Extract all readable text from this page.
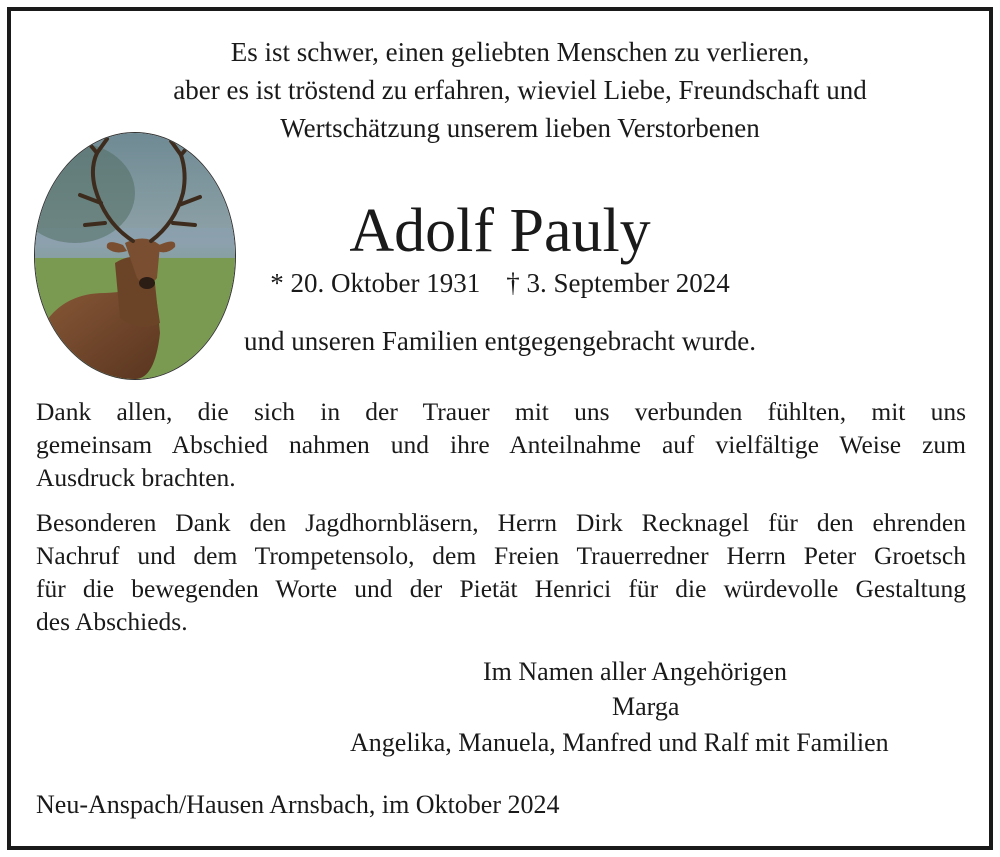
Es ist schwer, einen geliebten Menschen zu verlieren,
aber es ist tröstend zu erfahren, wieviel Liebe, Freundschaft und
Wertschätzung unserem lieben Verstorbenen
Adolf Pauly
* 20. Oktober 1931 † 3. September 2024
und unseren Familien entgegengebracht wurde.
Dank allen, die sich in der Trauer mit uns verbunden fühlten, mit uns
gemeinsam Abschied nahmen und ihre Anteilnahme auf vielfältige Weise zum
Ausdruck brachten.
Besonderen Dank den Jagdhornbläsern, Herrn Dirk Recknagel für den ehrenden
Nachruf und dem Trompetensolo, dem Freien Trauerredner Herrn Peter Groetsch
für die bewegenden Worte und der Pietät Henrici für die würdevolle Gestaltung
des Abschieds.
Im Namen aller Angehörigen
Marga
Angelika, Manuela, Manfred und Ralf mit Familien
Neu-Anspach/Hausen Arnsbach, im Oktober 2024
